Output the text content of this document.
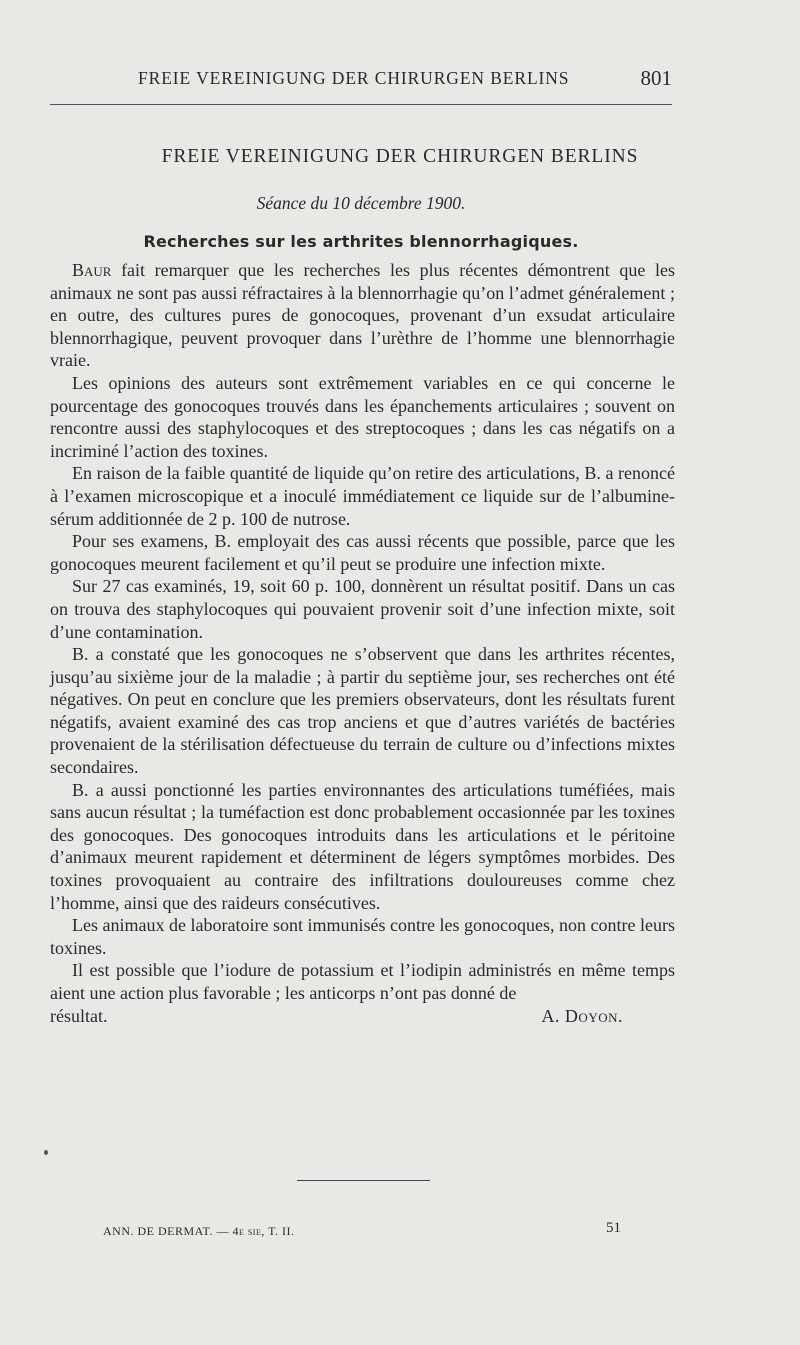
FREIE VEREINIGUNG DER CHIRURGEN BERLINS	801
FREIE VEREINIGUNG DER CHIRURGEN BERLINS
Séance du 10 décembre 1900.
Recherches sur les arthrites blennorrhagiques.

Baur fait remarquer que les recherches les plus récentes démontrent que les animaux ne sont pas aussi réfractaires à la blennorrhagie qu’on l’admet généralement ; en outre, des cultures pures de gonocoques, provenant d’un exsudat articulaire blennorrhagique, peuvent provoquer dans l’urèthre de l’homme une blennorrhagie vraie.

Les opinions des auteurs sont extrêmement variables en ce qui concerne le pourcentage des gonocoques trouvés dans les épanchements articulaires ; souvent on rencontre aussi des staphylocoques et des streptocoques ; dans les cas négatifs on a incriminé l’action des toxines.

En raison de la faible quantité de liquide qu’on retire des articulations, B. a renoncé à l’examen microscopique et a inoculé immédiatement ce liquide sur de l’albumine-sérum additionnée de 2 p. 100 de nutrose.

Pour ses examens, B. employait des cas aussi récents que possible, parce que les gonocoques meurent facilement et qu’il peut se produire une infection mixte.

Sur 27 cas examinés, 19, soit 60 p. 100, donnèrent un résultat positif. Dans un cas on trouva des staphylocoques qui pouvaient provenir soit d’une infection mixte, soit d’une contamination.

B. a constaté que les gonocoques ne s’observent que dans les arthrites récentes, jusqu’au sixième jour de la maladie ; à partir du septième jour, ses recherches ont été négatives. On peut en conclure que les premiers observateurs, dont les résultats furent négatifs, avaient examiné des cas trop anciens et que d’autres variétés de bactéries provenaient de la stérilisation défectueuse du terrain de culture ou d’infections mixtes secondaires.

B. a aussi ponctionné les parties environnantes des articulations tuméfiées, mais sans aucun résultat ; la tuméfaction est donc probablement occasionnée par les toxines des gonocoques. Des gonocoques introduits dans les articulations et le péritoine d’animaux meurent rapidement et déterminent de légers symptômes morbides. Des toxines provoquaient au contraire des infiltrations douloureuses comme chez l’homme, ainsi que des raideurs consécutives.

Les animaux de laboratoire sont immunisés contre les gonocoques, non contre leurs toxines.

Il est possible que l’iodure de potassium et l’iodipin administrés en même temps aient une action plus favorable ; les anticorps n’ont pas donné de

résultat.	A. Doyon.
ANN. DE DERMAT. — 4e sie, T. II.	51
